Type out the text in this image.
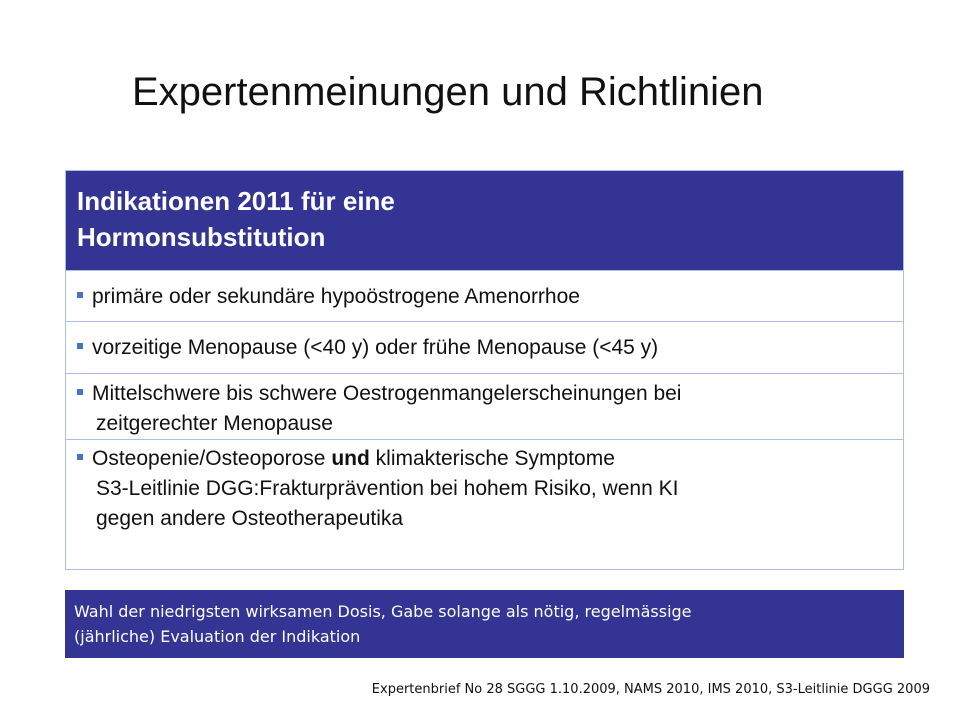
Expertenmeinungen und Richtlinien
Indikationen 2011 für eine
Hormonsubstitution
primäre oder sekundäre hypoöstrogene Amenorrhoe
vorzeitige Menopause (<40 y) oder frühe Menopause (<45 y)
Mittelschwere bis schwere Oestrogenmangelerscheinungen bei
zeitgerechter Menopause
Osteopenie/Osteoporose und klimakterische Symptome
S3-Leitlinie DGG:Frakturprävention bei hohem Risiko, wenn KI
gegen andere Osteotherapeutika
Wahl der niedrigsten wirksamen Dosis, Gabe solange als nötig, regelmässige
(jährliche) Evaluation der Indikation
Expertenbrief No 28 SGGG 1.10.2009, NAMS 2010, IMS 2010, S3-Leitlinie DGGG 2009
